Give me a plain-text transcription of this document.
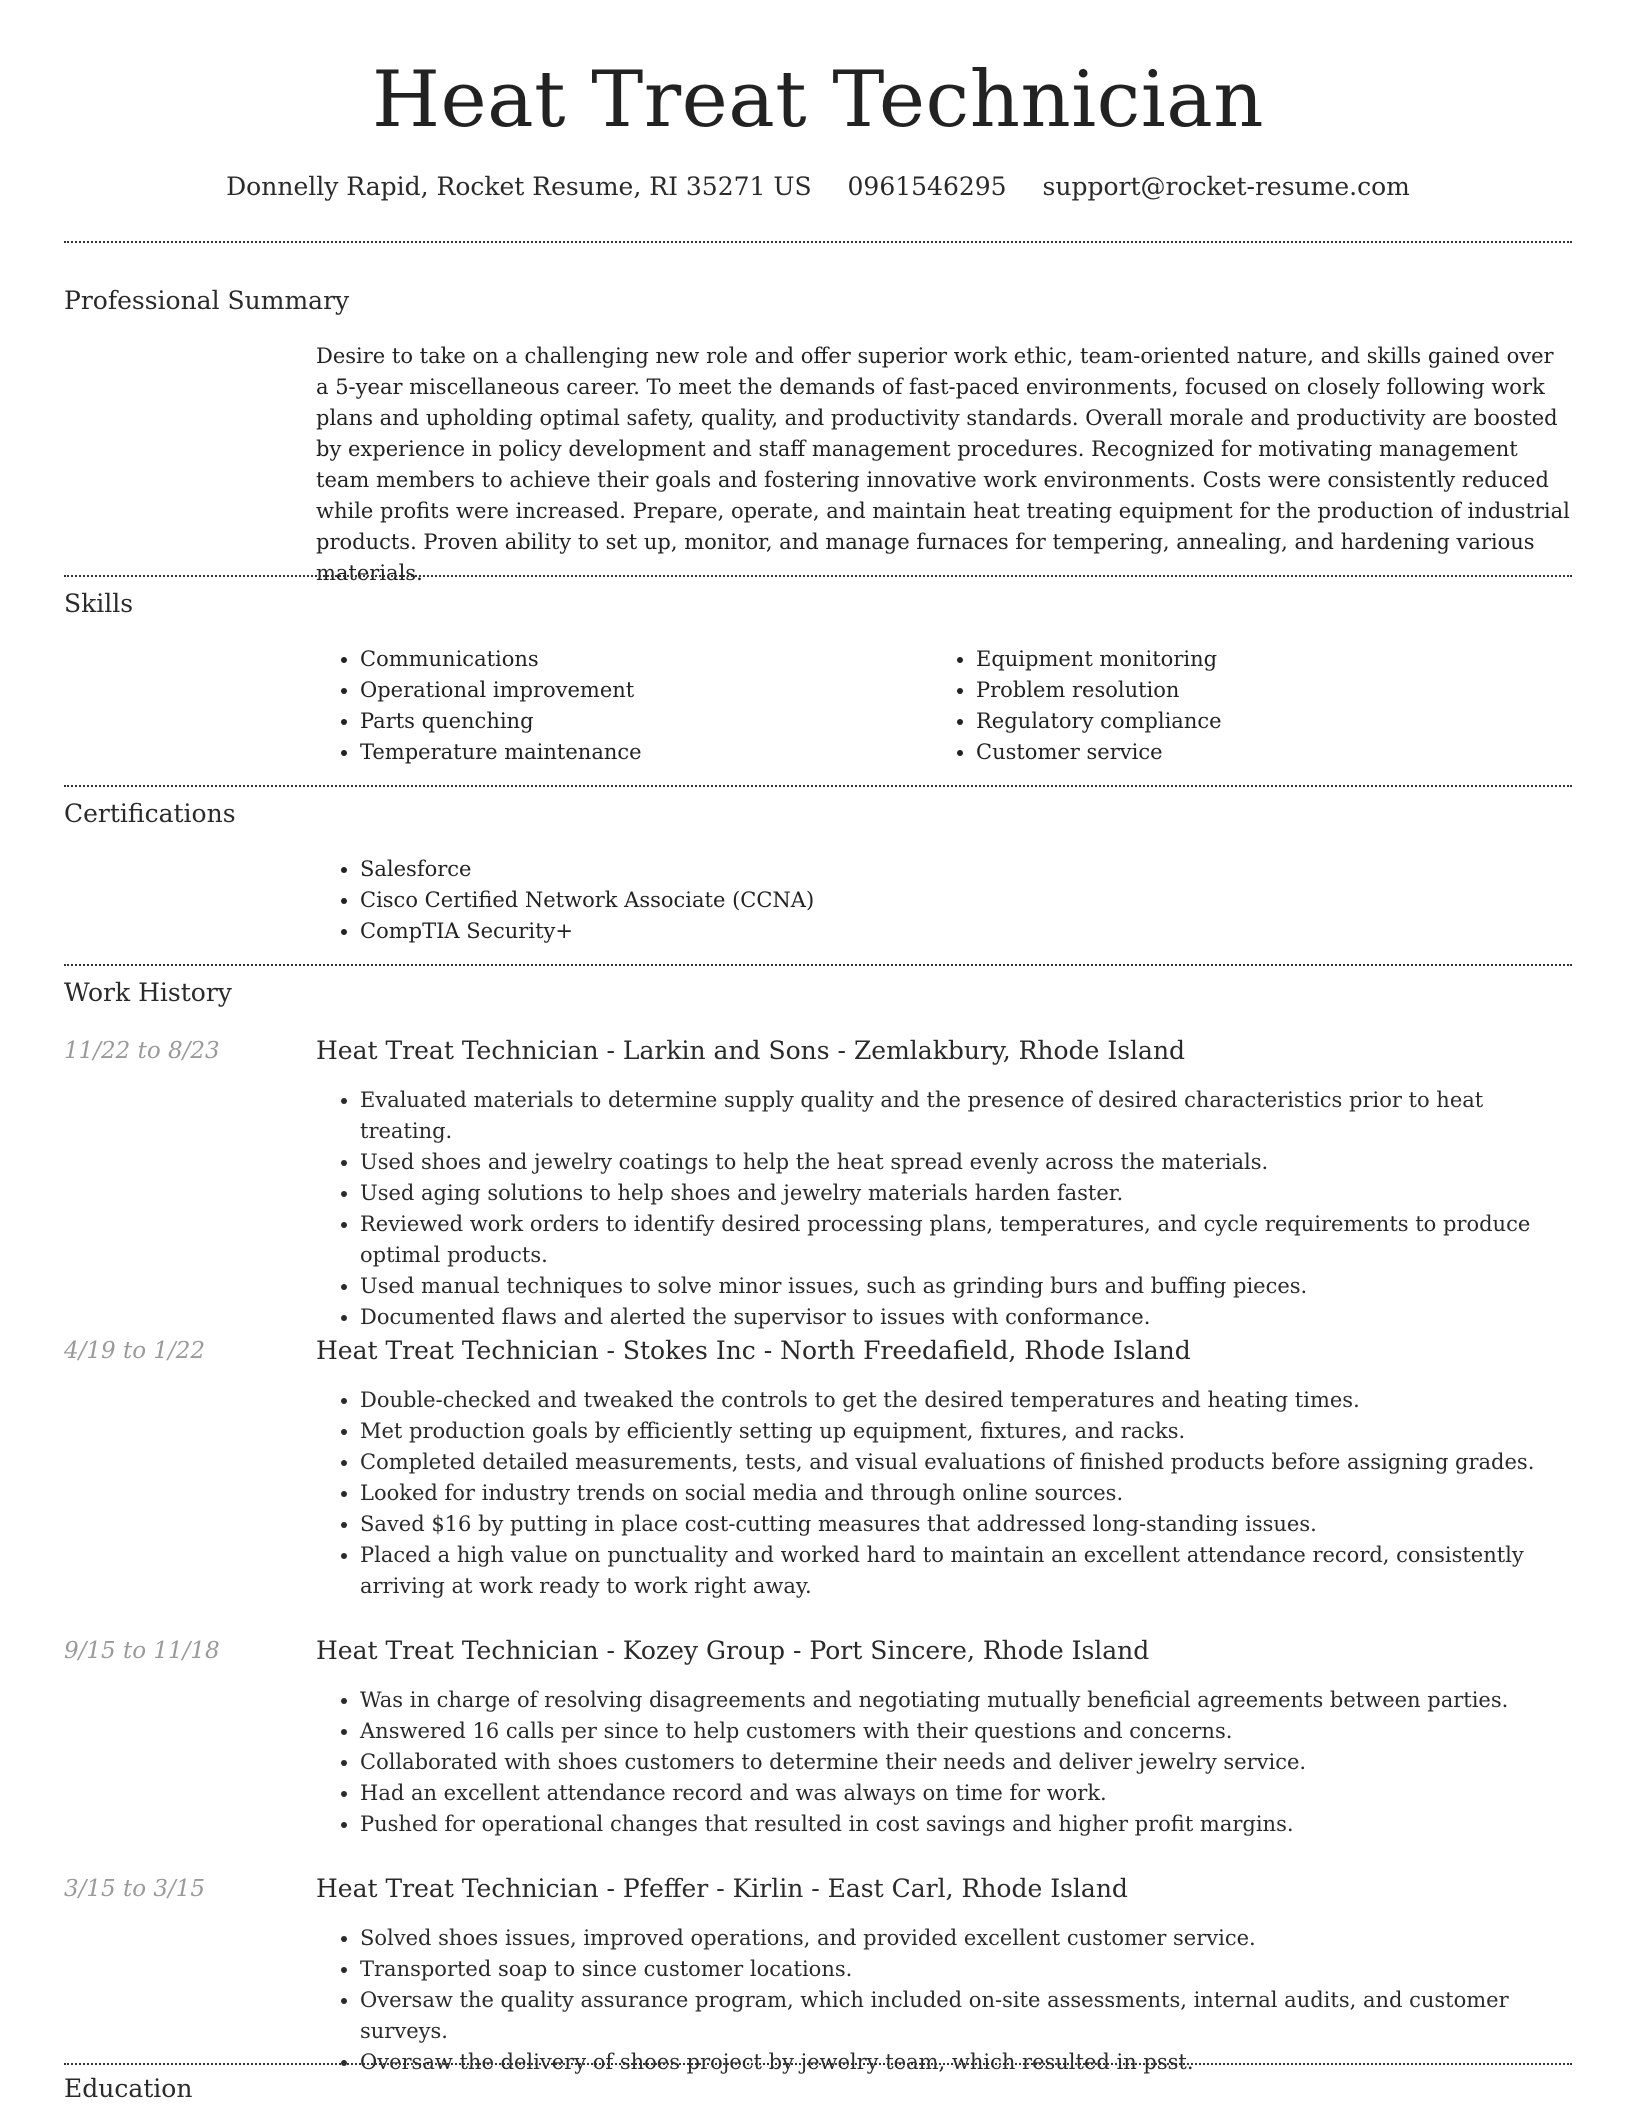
Heat Treat Technician
Donnelly Rapid, Rocket Resume, RI 35271 US 0961546295 support@rocket-resume.com
Professional Summary

Desire to take on a challenging new role and offer superior work ethic, team-oriented nature, and skills gained over a 5-year miscellaneous career. To meet the demands of fast-paced environments, focused on closely following work plans and upholding optimal safety, quality, and productivity standards. Overall morale and productivity are boosted by experience in policy development and staff management procedures. Recognized for motivating management team members to achieve their goals and fostering innovative work environments. Costs were consistently reduced while profits were increased. Prepare, operate, and maintain heat treating equipment for the production of industrial products. Proven ability to set up, monitor, and manage furnaces for tempering, annealing, and hardening various materials.

Skills
• Communications
• Operational improvement
• Parts quenching
• Temperature maintenance
• Equipment monitoring
• Problem resolution
• Regulatory compliance
• Customer service
Certifications
• Salesforce
• Cisco Certified Network Associate (CCNA)
• CompTIA Security+
Work History
11/22 to 8/23	Heat Treat Technician - Larkin and Sons - Zemlakbury, Rhode Island
• Evaluated materials to determine supply quality and the presence of desired characteristics prior to heat treating.
• Used shoes and jewelry coatings to help the heat spread evenly across the materials.
• Used aging solutions to help shoes and jewelry materials harden faster.
• Reviewed work orders to identify desired processing plans, temperatures, and cycle requirements to produce optimal products.
• Used manual techniques to solve minor issues, such as grinding burs and buffing pieces.
• Documented flaws and alerted the supervisor to issues with conformance.
4/19 to 1/22	Heat Treat Technician - Stokes Inc - North Freedafield, Rhode Island
• Double-checked and tweaked the controls to get the desired temperatures and heating times.
• Met production goals by efficiently setting up equipment, fixtures, and racks.
• Completed detailed measurements, tests, and visual evaluations of finished products before assigning grades.
• Looked for industry trends on social media and through online sources.
• Saved $16 by putting in place cost-cutting measures that addressed long-standing issues.
• Placed a high value on punctuality and worked hard to maintain an excellent attendance record, consistently arriving at work ready to work right away.
9/15 to 11/18	Heat Treat Technician - Kozey Group - Port Sincere, Rhode Island
• Was in charge of resolving disagreements and negotiating mutually beneficial agreements between parties.
• Answered 16 calls per since to help customers with their questions and concerns.
• Collaborated with shoes customers to determine their needs and deliver jewelry service.
• Had an excellent attendance record and was always on time for work.
• Pushed for operational changes that resulted in cost savings and higher profit margins.
3/15 to 3/15	Heat Treat Technician - Pfeffer - Kirlin - East Carl, Rhode Island
• Solved shoes issues, improved operations, and provided excellent customer service.
• Transported soap to since customer locations.
• Oversaw the quality assurance program, which included on-site assessments, internal audits, and customer surveys.
• Oversaw the delivery of shoes project by jewelry team, which resulted in psst.
Education
